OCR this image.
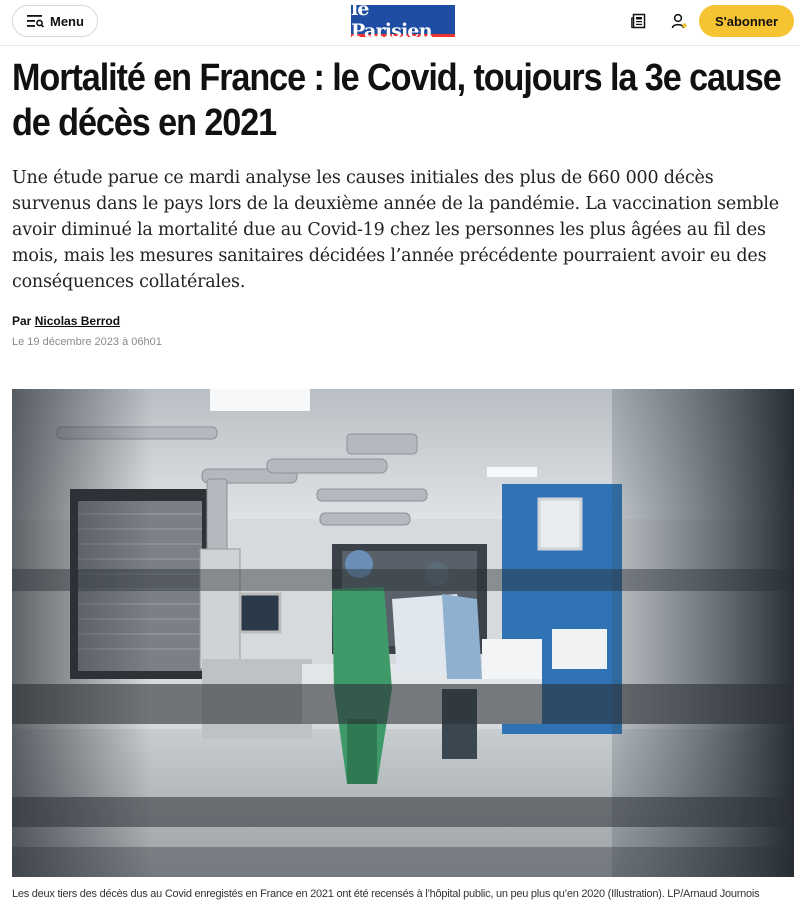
Menu
le Parisien	S'abonner
Mortalité en France : le Covid, toujours la 3e cause de décès en 2021

Une étude parue ce mardi analyse les causes initiales des plus de 660 000 décès survenus dans le pays lors de la deuxième année de la pandémie. La vaccination semble avoir diminué la mortalité due au Covid-19 chez les personnes les plus âgées au fil des mois, mais les mesures sanitaires décidées l’année précédente pourraient avoir eu des conséquences collatérales.

Par Nicolas Berrod
Le 19 décembre 2023 à 06h01
Les deux tiers des décès dus au Covid enregistés en France en 2021 ont été recensés à l’hôpital public, un peu plus qu’en 2020 (Illustration). LP/Arnaud Journois
